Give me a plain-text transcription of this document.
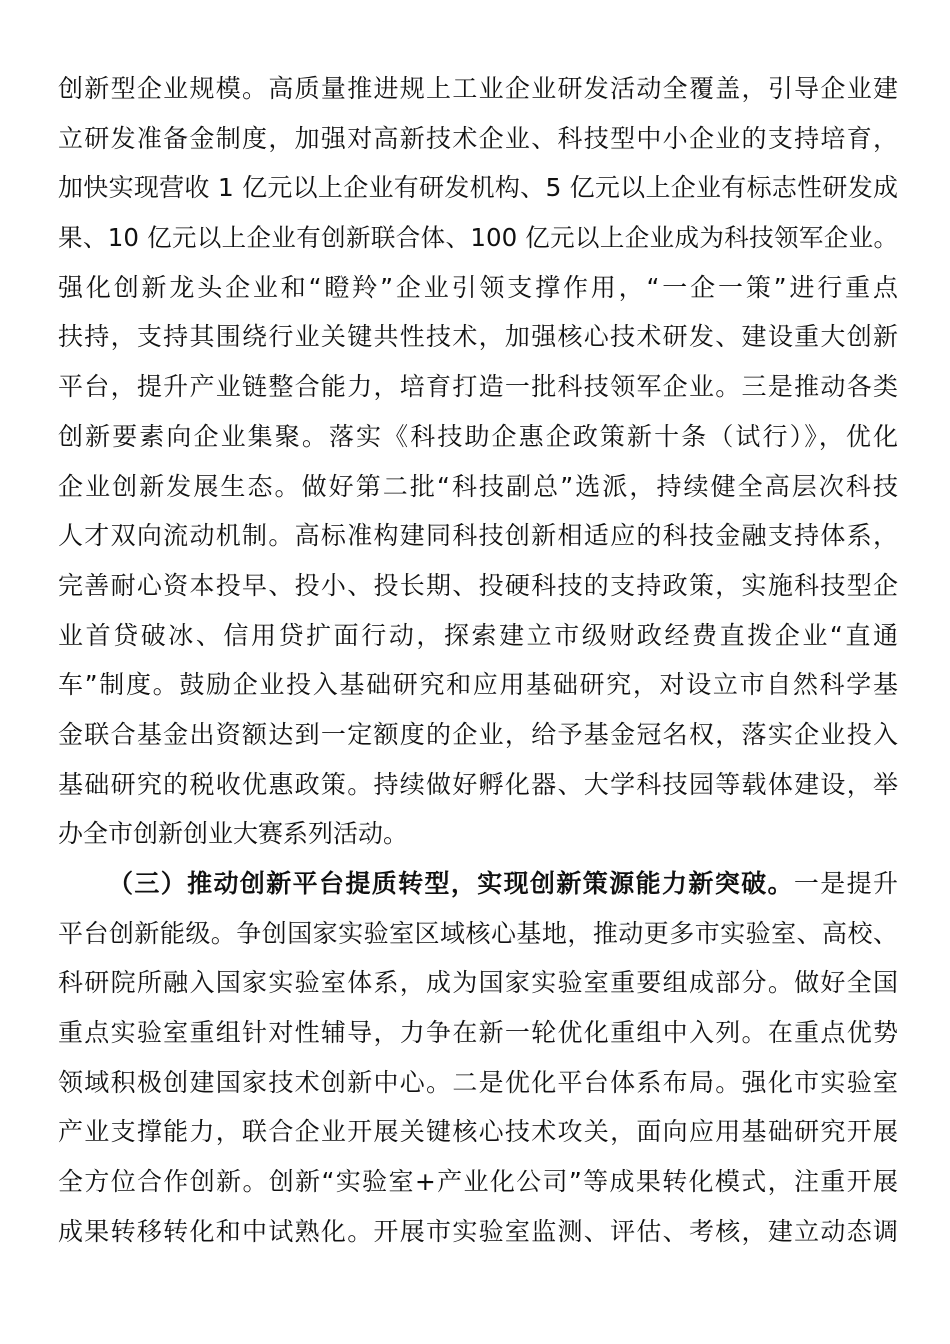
创新型企业规模。高质量推进规上工业企业研发活动全覆盖，引导企业建
立研发准备金制度，加强对高新技术企业、科技型中小企业的支持培育，
加快实现营收 1 亿元以上企业有研发机构、5 亿元以上企业有标志性研发成
果、10 亿元以上企业有创新联合体、100 亿元以上企业成为科技领军企业。
强化创新龙头企业和“瞪羚”企业引领支撑作用，“一企一策”进行重点
扶持，支持其围绕行业关键共性技术，加强核心技术研发、建设重大创新
平台，提升产业链整合能力，培育打造一批科技领军企业。三是推动各类
创新要素向企业集聚。落实《科技助企惠企政策新十条（试行）》，优化
企业创新发展生态。做好第二批“科技副总”选派，持续健全高层次科技
人才双向流动机制。高标准构建同科技创新相适应的科技金融支持体系，
完善耐心资本投早、投小、投长期、投硬科技的支持政策，实施科技型企
业首贷破冰、信用贷扩面行动，探索建立市级财政经费直拨企业“直通
车”制度。鼓励企业投入基础研究和应用基础研究，对设立市自然科学基
金联合基金出资额达到一定额度的企业，给予基金冠名权，落实企业投入
基础研究的税收优惠政策。持续做好孵化器、大学科技园等载体建设，举
办全市创新创业大赛系列活动。
（三）推动创新平台提质转型，实现创新策源能力新突破。一是提升
平台创新能级。争创国家实验室区域核心基地，推动更多市实验室、高校、
科研院所融入国家实验室体系，成为国家实验室重要组成部分。做好全国
重点实验室重组针对性辅导，力争在新一轮优化重组中入列。在重点优势
领域积极创建国家技术创新中心。二是优化平台体系布局。强化市实验室
产业支撑能力，联合企业开展关键核心技术攻关，面向应用基础研究开展
全方位合作创新。创新“实验室+产业化公司”等成果转化模式，注重开展
成果转移转化和中试熟化。开展市实验室监测、评估、考核，建立动态调
